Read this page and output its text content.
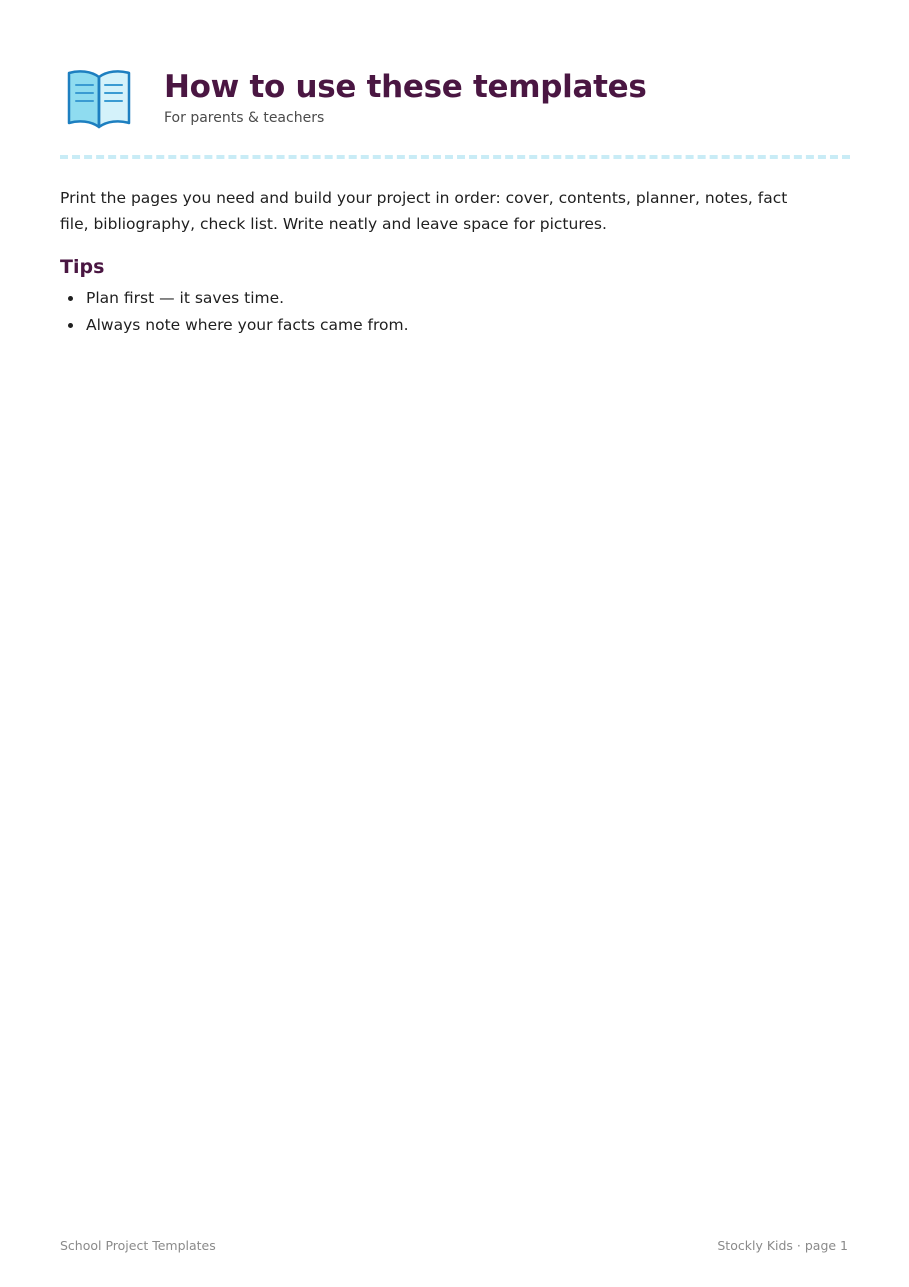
How to use these templates
For parents & teachers

Print the pages you need and build your project in order: cover, contents, planner, notes, fact file, bibliography, check list. Write neatly and leave space for pictures.

Tips
Plan first — it saves time.
Always note where your facts came from.
School Project Templates	Stockly Kids · page 1
